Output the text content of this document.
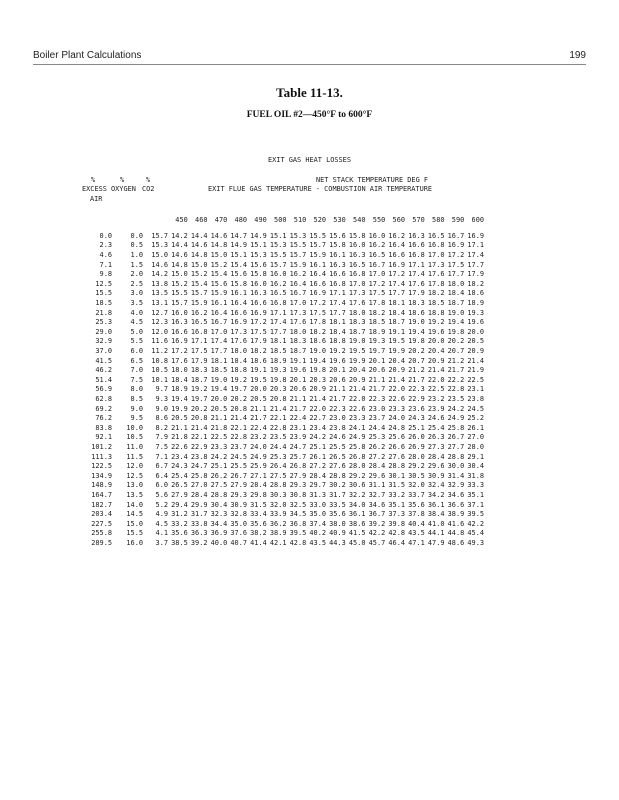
Boiler Plant Calculations	199
Table 11-13.
FUEL OIL #2—450°F to 600°F
EXIT GAS HEAT LOSSES

%

	%

	%

	NET STACK TEMPERATURE DEG F

EXCESS

OXYGEN

CO2

	EXIT FLUE GAS TEMPERATURE - COMBUSTION AIR TEMPERATURE

AIR

			450	460	470	480	490	500	510	520	530	540	550	560	570	580	590	600

0.0	0.0	15.7	14.2	14.4	14.6	14.7	14.9	15.1	15.3	15.5	15.6	15.8	16.0	16.2	16.3	16.5	16.7	16.9
2.3	0.5	15.3	14.4	14.6	14.8	14.9	15.1	15.3	15.5	15.7	15.8	16.0	16.2	16.4	16.6	16.8	16.9	17.1
4.6	1.0	15.0	14.6	14.8	15.0	15.1	15.3	15.5	15.7	15.9	16.1	16.3	16.5	16.6	16.8	17.0	17.2	17.4
7.1	1.5	14.6	14.8	15.0	15.2	15.4	15.6	15.7	15.9	16.1	16.3	16.5	16.7	16.9	17.1	17.3	17.5	17.7
9.8	2.0	14.2	15.0	15.2	15.4	15.6	15.8	16.0	16.2	16.4	16.6	16.8	17.0	17.2	17.4	17.6	17.7	17.9
12.5	2.5	13.8	15.2	15.4	15.6	15.8	16.0	16.2	16.4	16.6	16.8	17.0	17.2	17.4	17.6	17.8	18.0	18.2
15.5	3.0	13.5	15.5	15.7	15.9	16.1	16.3	16.5	16.7	16.9	17.1	17.3	17.5	17.7	17.9	18.2	18.4	18.6
18.5	3.5	13.1	15.7	15.9	16.1	16.4	16.6	16.8	17.0	17.2	17.4	17.6	17.8	18.1	18.3	18.5	18.7	18.9
21.8	4.0	12.7	16.0	16.2	16.4	16.6	16.9	17.1	17.3	17.5	17.7	18.0	18.2	18.4	18.6	18.8	19.0	19.3
25.3	4.5	12.3	16.3	16.5	16.7	16.9	17.2	17.4	17.6	17.8	18.1	18.3	18.5	18.7	19.0	19.2	19.4	19.6
29.0	5.0	12.0	16.6	16.8	17.0	17.3	17.5	17.7	18.0	18.2	18.4	18.7	18.9	19.1	19.4	19.6	19.8	20.0
32.9	5.5	11.6	16.9	17.1	17.4	17.6	17.9	18.1	18.3	18.6	18.8	19.0	19.3	19.5	19.8	20.0	20.2	20.5
37.0	6.0	11.2	17.2	17.5	17.7	18.0	18.2	18.5	18.7	19.0	19.2	19.5	19.7	19.9	20.2	20.4	20.7	20.9
41.5	6.5	10.8	17.6	17.9	18.1	18.4	18.6	18.9	19.1	19.4	19.6	19.9	20.1	20.4	20.7	20.9	21.2	21.4
46.2	7.0	10.5	18.0	18.3	18.5	18.8	19.1	19.3	19.6	19.8	20.1	20.4	20.6	20.9	21.2	21.4	21.7	21.9
51.4	7.5	10.1	18.4	18.7	19.0	19.2	19.5	19.8	20.1	20.3	20.6	20.9	21.1	21.4	21.7	22.0	22.2	22.5
56.9	8.0	9.7	18.9	19.2	19.4	19.7	20.0	20.3	20.6	20.9	21.1	21.4	21.7	22.0	22.3	22.5	22.8	23.1
62.8	8.5	9.3	19.4	19.7	20.0	20.2	20.5	20.8	21.1	21.4	21.7	22.0	22.3	22.6	22.9	23.2	23.5	23.8
69.2	9.0	9.0	19.9	20.2	20.5	20.8	21.1	21.4	21.7	22.0	22.3	22.6	23.0	23.3	23.6	23.9	24.2	24.5
76.2	9.5	8.6	20.5	20.8	21.1	21.4	21.7	22.1	22.4	22.7	23.0	23.3	23.7	24.0	24.3	24.6	24.9	25.2
83.8	10.0	8.2	21.1	21.4	21.8	22.1	22.4	22.8	23.1	23.4	23.8	24.1	24.4	24.8	25.1	25.4	25.8	26.1
92.1	10.5	7.9	21.8	22.1	22.5	22.8	23.2	23.5	23.9	24.2	24.6	24.9	25.3	25.6	26.0	26.3	26.7	27.0
101.2	11.0	7.5	22.6	22.9	23.3	23.7	24.0	24.4	24.7	25.1	25.5	25.8	26.2	26.6	26.9	27.3	27.7	28.0
111.3	11.5	7.1	23.4	23.8	24.2	24.5	24.9	25.3	25.7	26.1	26.5	26.8	27.2	27.6	28.0	28.4	28.8	29.1
122.5	12.0	6.7	24.3	24.7	25.1	25.5	25.9	26.4	26.8	27.2	27.6	28.0	28.4	28.8	29.2	29.6	30.0	30.4
134.9	12.5	6.4	25.4	25.8	26.2	26.7	27.1	27.5	27.9	28.4	28.8	29.2	29.6	30.1	30.5	30.9	31.4	31.8
148.9	13.0	6.0	26.5	27.0	27.5	27.9	28.4	28.8	29.3	29.7	30.2	30.6	31.1	31.5	32.0	32.4	32.9	33.3
164.7	13.5	5.6	27.9	28.4	28.8	29.3	29.8	30.3	30.8	31.3	31.7	32.2	32.7	33.2	33.7	34.2	34.6	35.1
182.7	14.0	5.2	29.4	29.9	30.4	30.9	31.5	32.0	32.5	33.0	33.5	34.0	34.6	35.1	35.6	36.1	36.6	37.1
203.4	14.5	4.9	31.2	31.7	32.3	32.8	33.4	33.9	34.5	35.0	35.6	36.1	36.7	37.3	37.8	38.4	38.9	39.5
227.5	15.0	4.5	33.2	33.8	34.4	35.0	35.6	36.2	36.8	37.4	38.0	38.6	39.2	39.8	40.4	41.0	41.6	42.2
255.8	15.5	4.1	35.6	36.3	36.9	37.6	38.2	38.9	39.5	40.2	40.9	41.5	42.2	42.8	43.5	44.1	44.8	45.4
289.5	16.0	3.7	38.5	39.2	40.0	40.7	41.4	42.1	42.8	43.5	44.3	45.0	45.7	46.4	47.1	47.9	48.6	49.3
